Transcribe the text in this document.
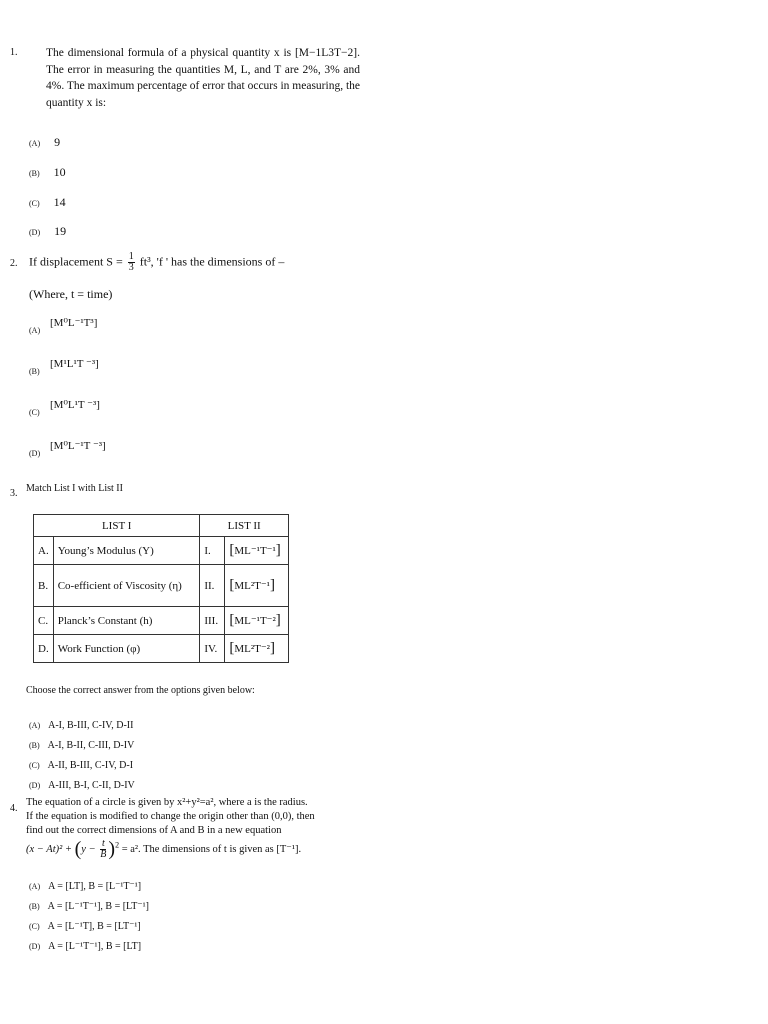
1. The dimensional formula of a physical quantity x is [M−1L3T−2]. The error in measuring the quantities M, L, and T are 2%, 3% and 4%. The maximum percentage of error that occurs in measuring, the quantity x is:
(A) 9
(B) 10
(C) 14
(D) 19
2. If displacement $S = \frac{1}{3} ft^3$, 'f ' has the dimensions of –
(Where, t = time)
(A)
[M⁰L⁻¹T³]
(B)
[M¹L¹T ⁻³]
(C)
[M⁰L¹T ⁻³]
(D)
[M⁰L⁻¹T ⁻³]
3. Match List I with List II
LIST I		LIST II	
A.	Young’s Modulus (Y)	I.	[ML⁻¹T⁻¹]
B.	Co-efficient of Viscosity (η)	II.	[ML²T⁻¹]
C.	Planck’s Constant (h)	III.	[ML⁻¹T⁻²]
D.	Work Function (φ)	IV.	[ML²T⁻²]
Choose the correct answer from the options given below:
(A) A-I, B-III, C-IV, D-II
(B) A-I, B-II, C-III, D-IV
(C) A-II, B-III, C-IV, D-I
(D) A-III, B-I, C-II, D-IV
4.
The equation of a circle is given by x²+y²=a², where a is the radius.
If the equation is modified to change the origin other than (0,0), then
find out the correct dimensions of A and B in a new equation
$(x - At)^2 + (y - \frac{t}{B} )^2 = a^2$. The dimensions of t is given as [T⁻¹].
(A) A = [LT], B = [L⁻¹T⁻¹]
(B) A = [L⁻¹T⁻¹], B = [LT⁻¹]
(C) A = [L⁻¹T], B = [LT⁻¹]
(D) A = [L⁻¹T⁻¹], B = [LT]
